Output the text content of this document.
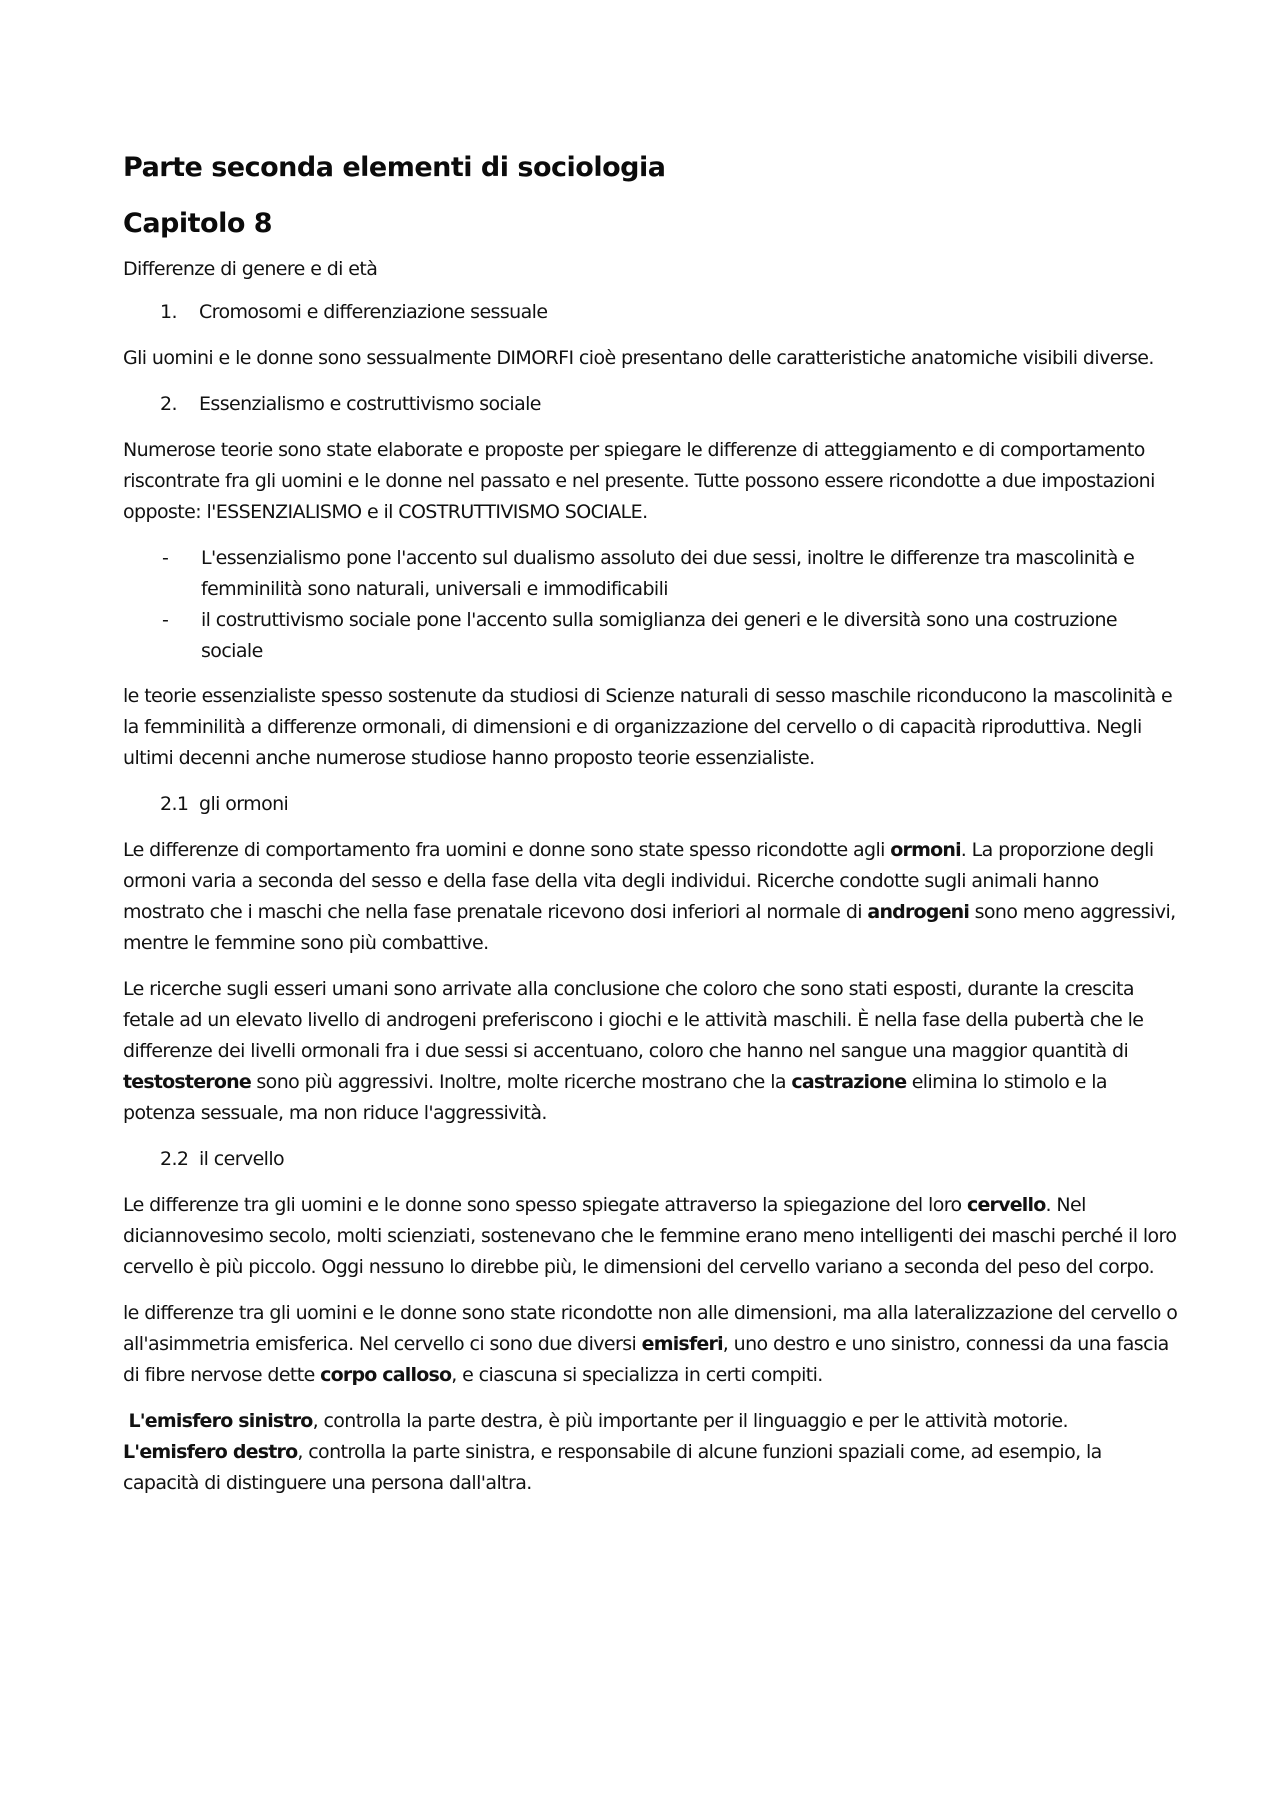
Parte seconda elementi di sociologia
Capitolo 8

Differenze di genere e di età

1.	Cromosomi e differenziazione sessuale

Gli uomini e le donne sono sessualmente DIMORFI cioè presentano delle caratteristiche anatomiche visibili diverse.

2.	Essenzialismo e costruttivismo sociale

Numerose teorie sono state elaborate e proposte per spiegare le differenze di atteggiamento e di comportamento riscontrate fra gli uomini e le donne nel passato e nel presente. Tutte possono essere ricondotte a due impostazioni opposte: l'ESSENZIALISMO e il COSTRUTTIVISMO SOCIALE.

- L'essenzialismo pone l'accento sul dualismo assoluto dei due sessi, inoltre le differenze tra mascolinità e femminilità sono naturali, universali e immodificabili
- il costruttivismo sociale pone l'accento sulla somiglianza dei generi e le diversità sono una costruzione sociale

le teorie essenzialiste spesso sostenute da studiosi di Scienze naturali di sesso maschile riconducono la mascolinità e la femminilità a differenze ormonali, di dimensioni e di organizzazione del cervello o di capacità riproduttiva. Negli ultimi decenni anche numerose studiose hanno proposto teorie essenzialiste.

2.1 gli ormoni

Le differenze di comportamento fra uomini e donne sono state spesso ricondotte agli ormoni. La proporzione degli ormoni varia a seconda del sesso e della fase della vita degli individui. Ricerche condotte sugli animali hanno mostrato che i maschi che nella fase prenatale ricevono dosi inferiori al normale di androgeni sono meno aggressivi, mentre le femmine sono più combattive.

Le ricerche sugli esseri umani sono arrivate alla conclusione che coloro che sono stati esposti, durante la crescita fetale ad un elevato livello di androgeni preferiscono i giochi e le attività maschili. È nella fase della pubertà che le differenze dei livelli ormonali fra i due sessi si accentuano, coloro che hanno nel sangue una maggior quantità di testosterone sono più aggressivi. Inoltre, molte ricerche mostrano che la castrazione elimina lo stimolo e la potenza sessuale, ma non riduce l'aggressività.

2.2 il cervello

Le differenze tra gli uomini e le donne sono spesso spiegate attraverso la spiegazione del loro cervello. Nel diciannovesimo secolo, molti scienziati, sostenevano che le femmine erano meno intelligenti dei maschi perché il loro cervello è più piccolo. Oggi nessuno lo direbbe più, le dimensioni del cervello variano a seconda del peso del corpo.

le differenze tra gli uomini e le donne sono state ricondotte non alle dimensioni, ma alla lateralizzazione del cervello o all'asimmetria emisferica. Nel cervello ci sono due diversi emisferi, uno destro e uno sinistro, connessi da una fascia di fibre nervose dette corpo calloso, e ciascuna si specializza in certi compiti.

L'emisfero sinistro, controlla la parte destra, è più importante per il linguaggio e per le attività motorie.
L'emisfero destro, controlla la parte sinistra, e responsabile di alcune funzioni spaziali come, ad esempio, la capacità di distinguere una persona dall'altra.
